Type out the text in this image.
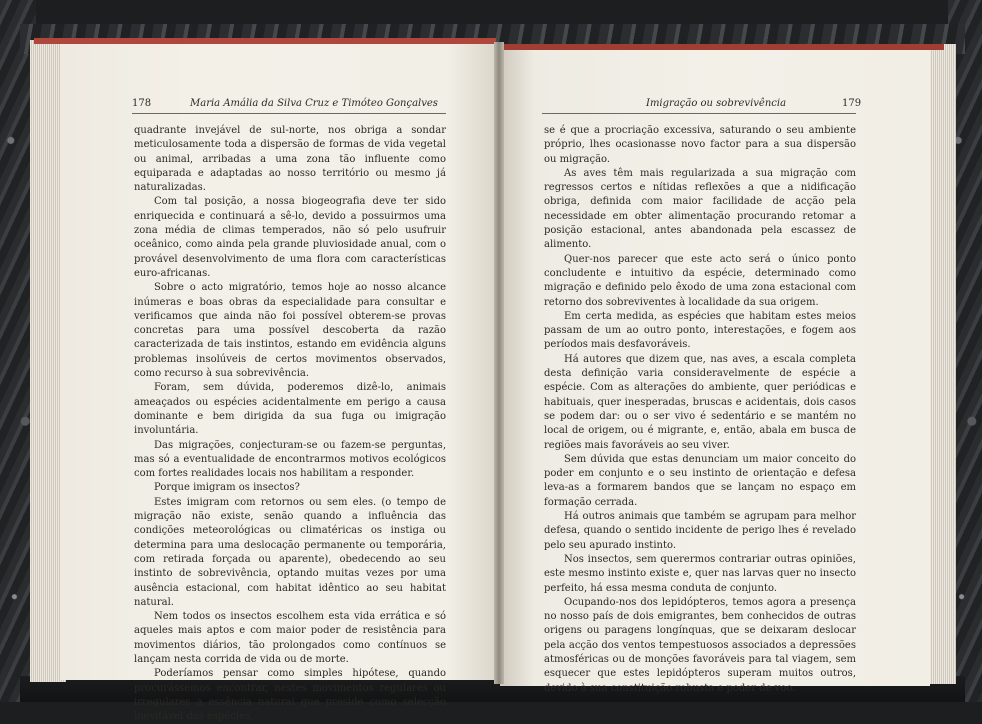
178	Maria Amália da Silva Cruz e Timóteo Gonçalves

quadrante invejável de sul-norte, nos obriga a sondar meticulosamente toda a dispersão de formas de vida vegetal ou animal, arribadas a uma zona tão influente como equiparada e adaptadas ao nosso território ou mesmo já naturalizadas.

Com tal posição, a nossa biogeografia deve ter sido enriquecida e continuará a sê-lo, devido a possuirmos uma zona média de climas temperados, não só pelo usufruir oceânico, como ainda pela grande pluviosidade anual, com o provável desenvolvimento de uma flora com características euro-africanas.

Sobre o acto migratório, temos hoje ao nosso alcance inúmeras e boas obras da especialidade para consultar e verificamos que ainda não foi possível obterem-se provas concretas para uma possível descoberta da razão caracterizada de tais instintos, estando em evidência alguns problemas insolúveis de certos movimentos observados, como recurso à sua sobrevivência.

Foram, sem dúvida, poderemos dizê-lo, animais ameaçados ou espécies acidentalmente em perigo a causa dominante e bem dirigida da sua fuga ou imigração involuntária.

Das migrações, conjecturam-se ou fazem-se perguntas, mas só a eventualidade de encontrarmos motivos ecológicos com fortes realidades locais nos habilitam a responder.

Porque imigram os insectos?

Estes imigram com retornos ou sem eles. (o tempo de migração não existe, senão quando a influência das condições meteorológicas ou climatéricas os instiga ou determina para uma deslocação permanente ou temporária, com retirada forçada ou aparente), obedecendo ao seu instinto de sobrevivência, optando muitas vezes por uma ausência estacional, com habitat idêntico ao seu habitat natural.

Nem todos os insectos escolhem esta vida errática e só aqueles mais aptos e com maior poder de resistência para movimentos diários, tão prolongados como contínuos se lançam nesta corrida de vida ou de morte.

Poderíamos pensar como simples hipótese, quando procurássemos encontrar, nestes movimentos regulares ou irregulares a essência natural que preside como selecção inevitável das espécies,

Imigração ou sobrevivência	179

se é que a procriação excessiva, saturando o seu ambiente próprio, lhes ocasionasse novo factor para a sua dispersão ou migração.

As aves têm mais regularizada a sua migração com regressos certos e nítidas reflexões a que a nidificação obriga, definida com maior facilidade de acção pela necessidade em obter alimentação procurando retomar a posição estacional, antes abandonada pela escassez de alimento.

Quer-nos parecer que este acto será o único ponto concludente e intuitivo da espécie, determinado como migração e definido pelo êxodo de uma zona estacional com retorno dos sobreviventes à localidade da sua origem.

Em certa medida, as espécies que habitam estes meios passam de um ao outro ponto, interestações, e fogem aos períodos mais desfavoráveis.

Há autores que dizem que, nas aves, a escala completa desta definição varia consideravelmente de espécie a espécie. Com as alterações do ambiente, quer periódicas e habituais, quer inesperadas, bruscas e acidentais, dois casos se podem dar: ou o ser vivo é sedentário e se mantém no local de origem, ou é migrante, e, então, abala em busca de regiões mais favoráveis ao seu viver.

Sem dúvida que estas denunciam um maior conceito do poder em conjunto e o seu instinto de orientação e defesa leva-as a formarem bandos que se lançam no espaço em formação cerrada.

Há outros animais que também se agrupam para melhor defesa, quando o sentido incidente de perigo lhes é revelado pelo seu apurado instinto.

Nos insectos, sem querermos contrariar outras opiniões, este mesmo instinto existe e, quer nas larvas quer no insecto perfeito, há essa mesma conduta de conjunto.

Ocupando-nos dos lepidópteros, temos agora a presença no nosso país de dois emigrantes, bem conhecidos de outras origens ou paragens longínquas, que se deixaram deslocar pela acção dos ventos tempestuosos associados a depressões atmosféricas ou de monções favoráveis para tal viagem, sem esquecer que estes lepidópteros superam muitos outros, devido à sua constituição robusta e poder de voo.
